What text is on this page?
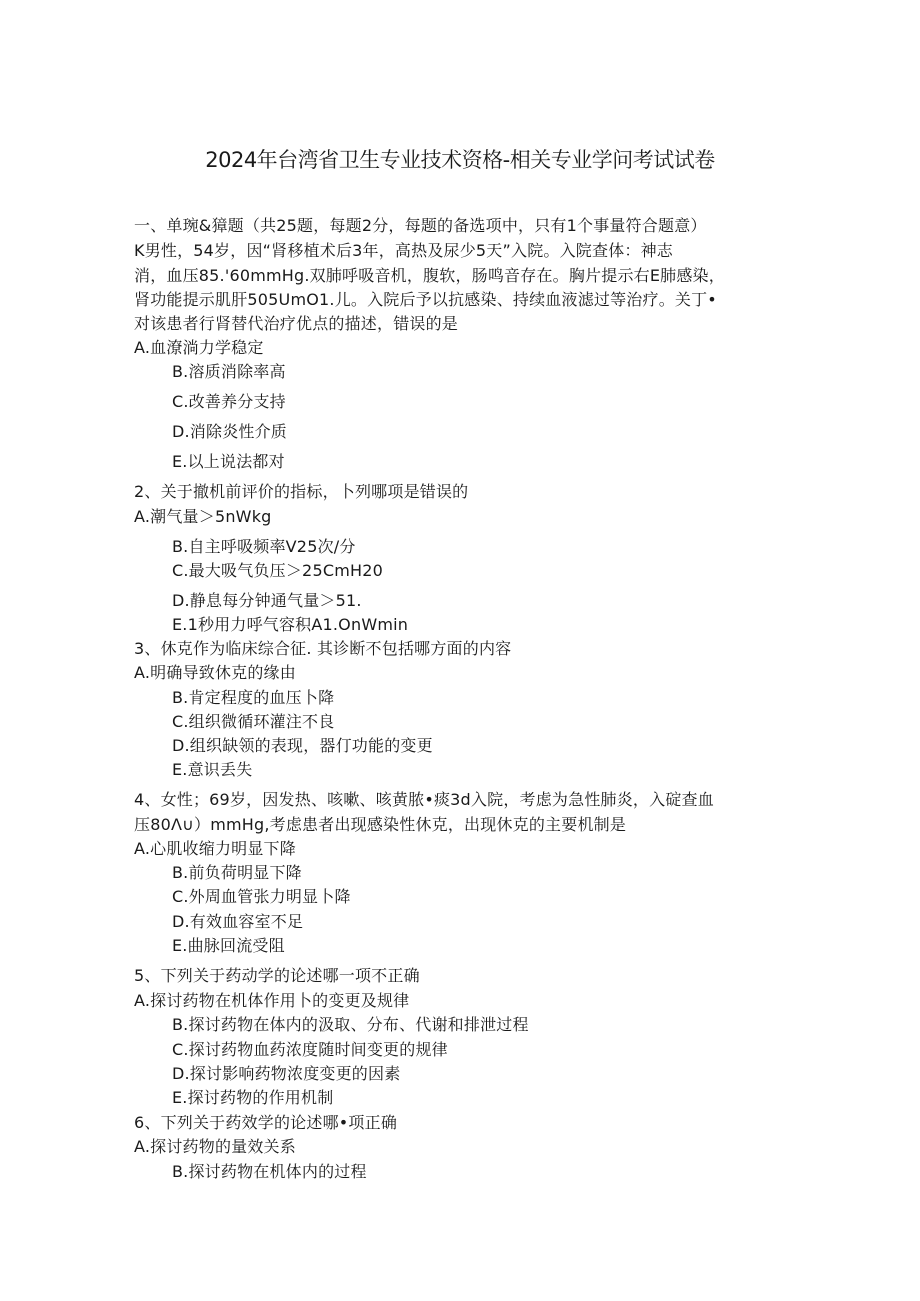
2024年台湾省卫生专业技术资格-相关专业学问考试试卷
一、单琬&獐题（共25题，每题2分，每题的备选项中，只有1个事量符合题意）
K男性，54岁，因“肾移植术后3年，高热及尿少5天”入院。入院查体：神志
消，血压85.'60mmHg.双肺呼吸音机，腹软，肠鸣音存在。胸片提示右E肺感染，
肾功能提示肌肝505UmO1.儿。入院后予以抗感染、持续血液滤过等治疗。关丁•
对该患者行肾替代治疗优点的描述，错误的是
A.血潦淌力学稳定
B.溶质消除率高
C.改善养分支持
D.消除炎性介质
E.以上说法都对
2、关于撤机前评价的指标，卜列哪项是错误的
A.潮气量＞5nWkg
B.自主呼吸频率V25次/分
C.最大吸气负压＞25CmH20
D.静息每分钟通气量＞51.
E.1秒用力呼气容积A1.OnWmin
3、休克作为临床综合征. 其诊断不包括哪方面的内容
A.明确导致休克的缘由
B.肯定程度的血压卜降
C.组织微循环灌注不良
D.组织缺领的表现，器仃功能的变更
E.意识丢失
4、女性；69岁，因发热、咳嗽、咳黄脓•痰3d入院，考虑为急性肺炎，入碇查血
压80Λ∪）mmHg,考虑患者出现感染性休克，出现休克的主要机制是
A.心肌收缩力明显下降
B.前负荷明显下降
C.外周血管张力明显卜降
D.有效血容室不足
E.曲脉回流受阻
5、下列关于药动学的论述哪一项不正确
A.探讨药物在机体作用卜的变更及规律
B.探讨药物在体内的汲取、分布、代谢和排泄过程
C.探讨药物血药浓度随时间变更的规律
D.探讨影响药物浓度变更的因素
E.探讨药物的作用机制
6、下列关于药效学的论述哪•项正确
A.探讨药物的量效关系
B.探讨药物在机体内的过程
